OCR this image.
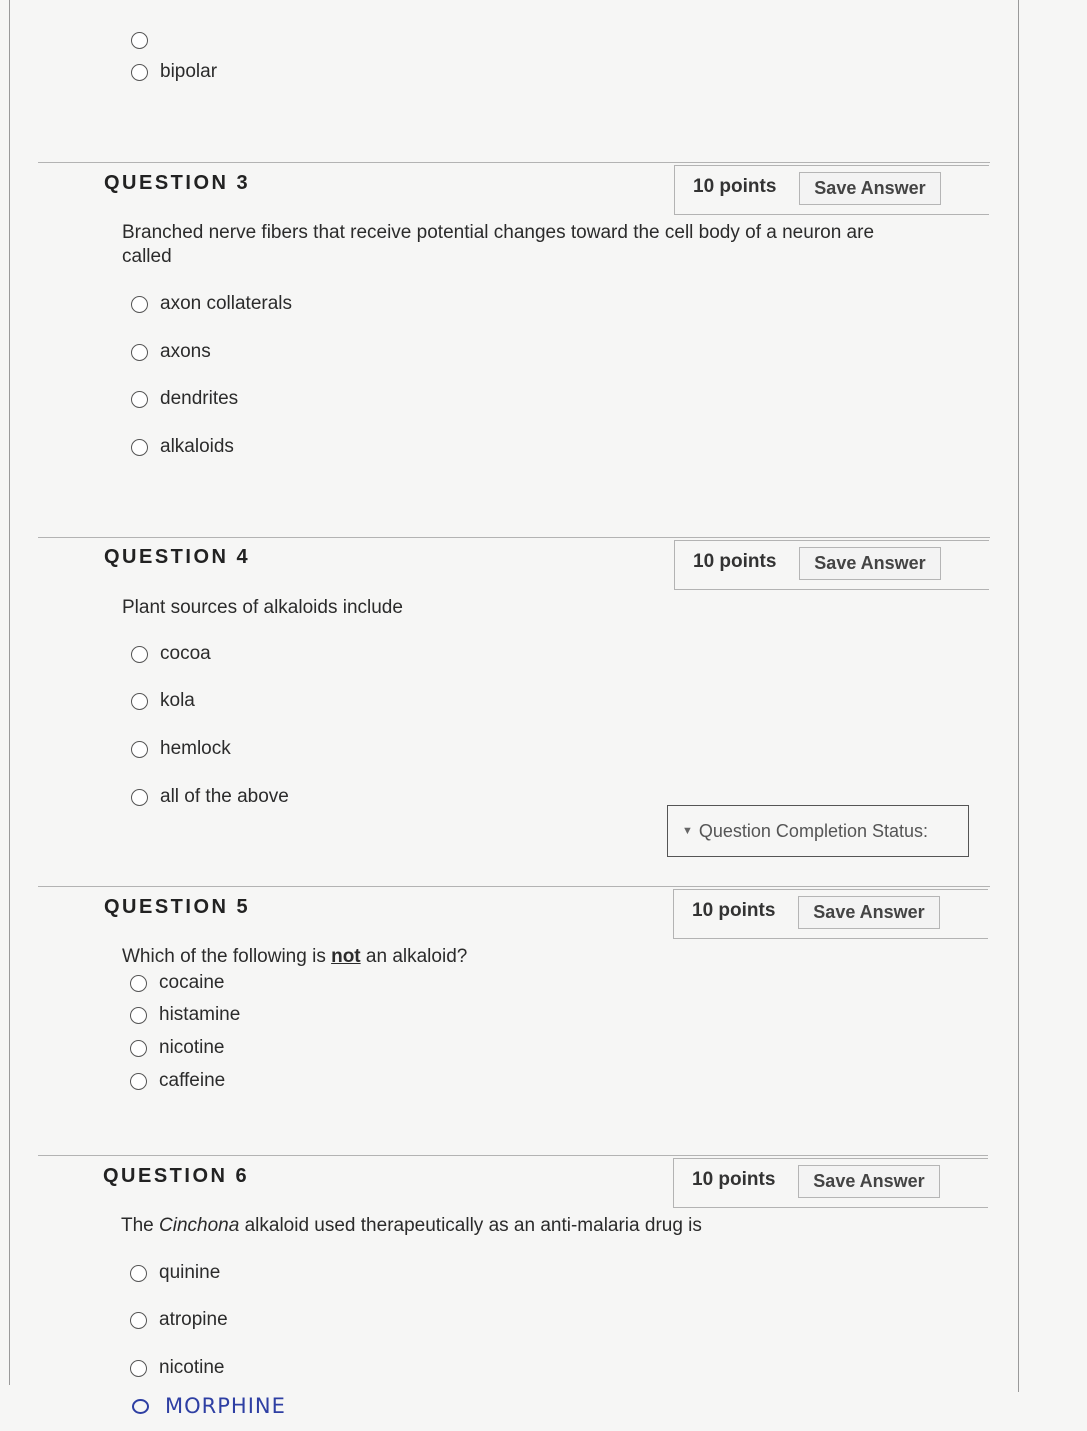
bipolar
QUESTION 3	10 points	Save Answer
Branched nerve fibers that receive potential changes toward the cell body of a neuron are called
axon collaterals
axons
dendrites
alkaloids
QUESTION 4	10 points	Save Answer
Plant sources of alkaloids include
cocoa
kola
hemlock
all of the above
▼ Question Completion Status:
QUESTION 5	10 points	Save Answer
Which of the following is not an alkaloid?
cocaine
histamine
nicotine
caffeine
QUESTION 6	10 points	Save Answer
The Cinchona alkaloid used therapeutically as an anti-malaria drug is
quinine
atropine
nicotine
MORPHINE
